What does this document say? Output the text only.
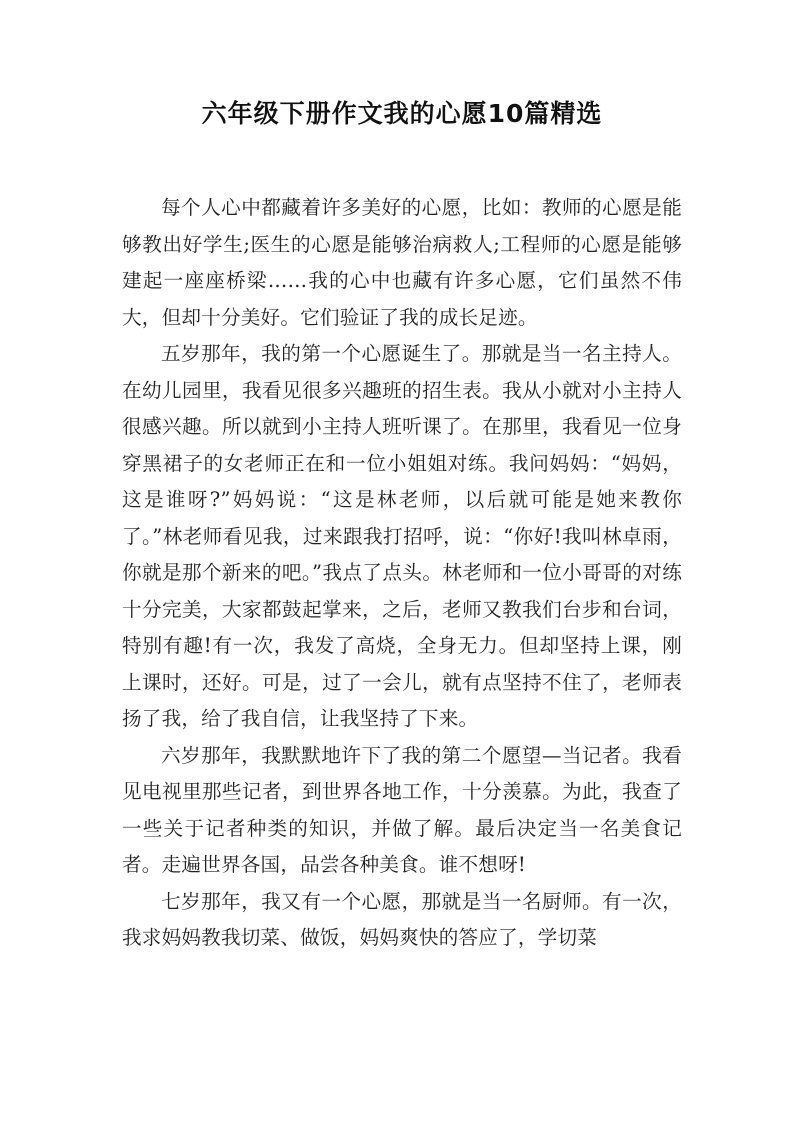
六年级下册作文我的心愿10篇精选

每个人心中都藏着许多美好的心愿，比如：教师的心愿是能够教出好学生;医生的心愿是能够治病救人;工程师的心愿是能够建起一座座桥梁……我的心中也藏有许多心愿，它们虽然不伟大，但却十分美好。它们验证了我的成长足迹。

五岁那年，我的第一个心愿诞生了。那就是当一名主持人。在幼儿园里，我看见很多兴趣班的招生表。我从小就对小主持人很感兴趣。所以就到小主持人班听课了。在那里，我看见一位身穿黑裙子的女老师正在和一位小姐姐对练。我问妈妈：“妈妈，这是谁呀?”妈妈说：“这是林老师，以后就可能是她来教你了。”林老师看见我，过来跟我打招呼，说：“你好!我叫林卓雨，你就是那个新来的吧。”我点了点头。林老师和一位小哥哥的对练十分完美，大家都鼓起掌来，之后，老师又教我们台步和台词，特别有趣!有一次，我发了高烧，全身无力。但却坚持上课，刚上课时，还好。可是，过了一会儿，就有点坚持不住了，老师表扬了我，给了我自信，让我坚持了下来。

六岁那年，我默默地许下了我的第二个愿望—当记者。我看见电视里那些记者，到世界各地工作，十分羡慕。为此，我查了一些关于记者种类的知识，并做了解。最后决定当一名美食记者。走遍世界各国，品尝各种美食。谁不想呀!

七岁那年，我又有一个心愿，那就是当一名厨师。有一次，我求妈妈教我切菜、做饭，妈妈爽快的答应了，学切菜
